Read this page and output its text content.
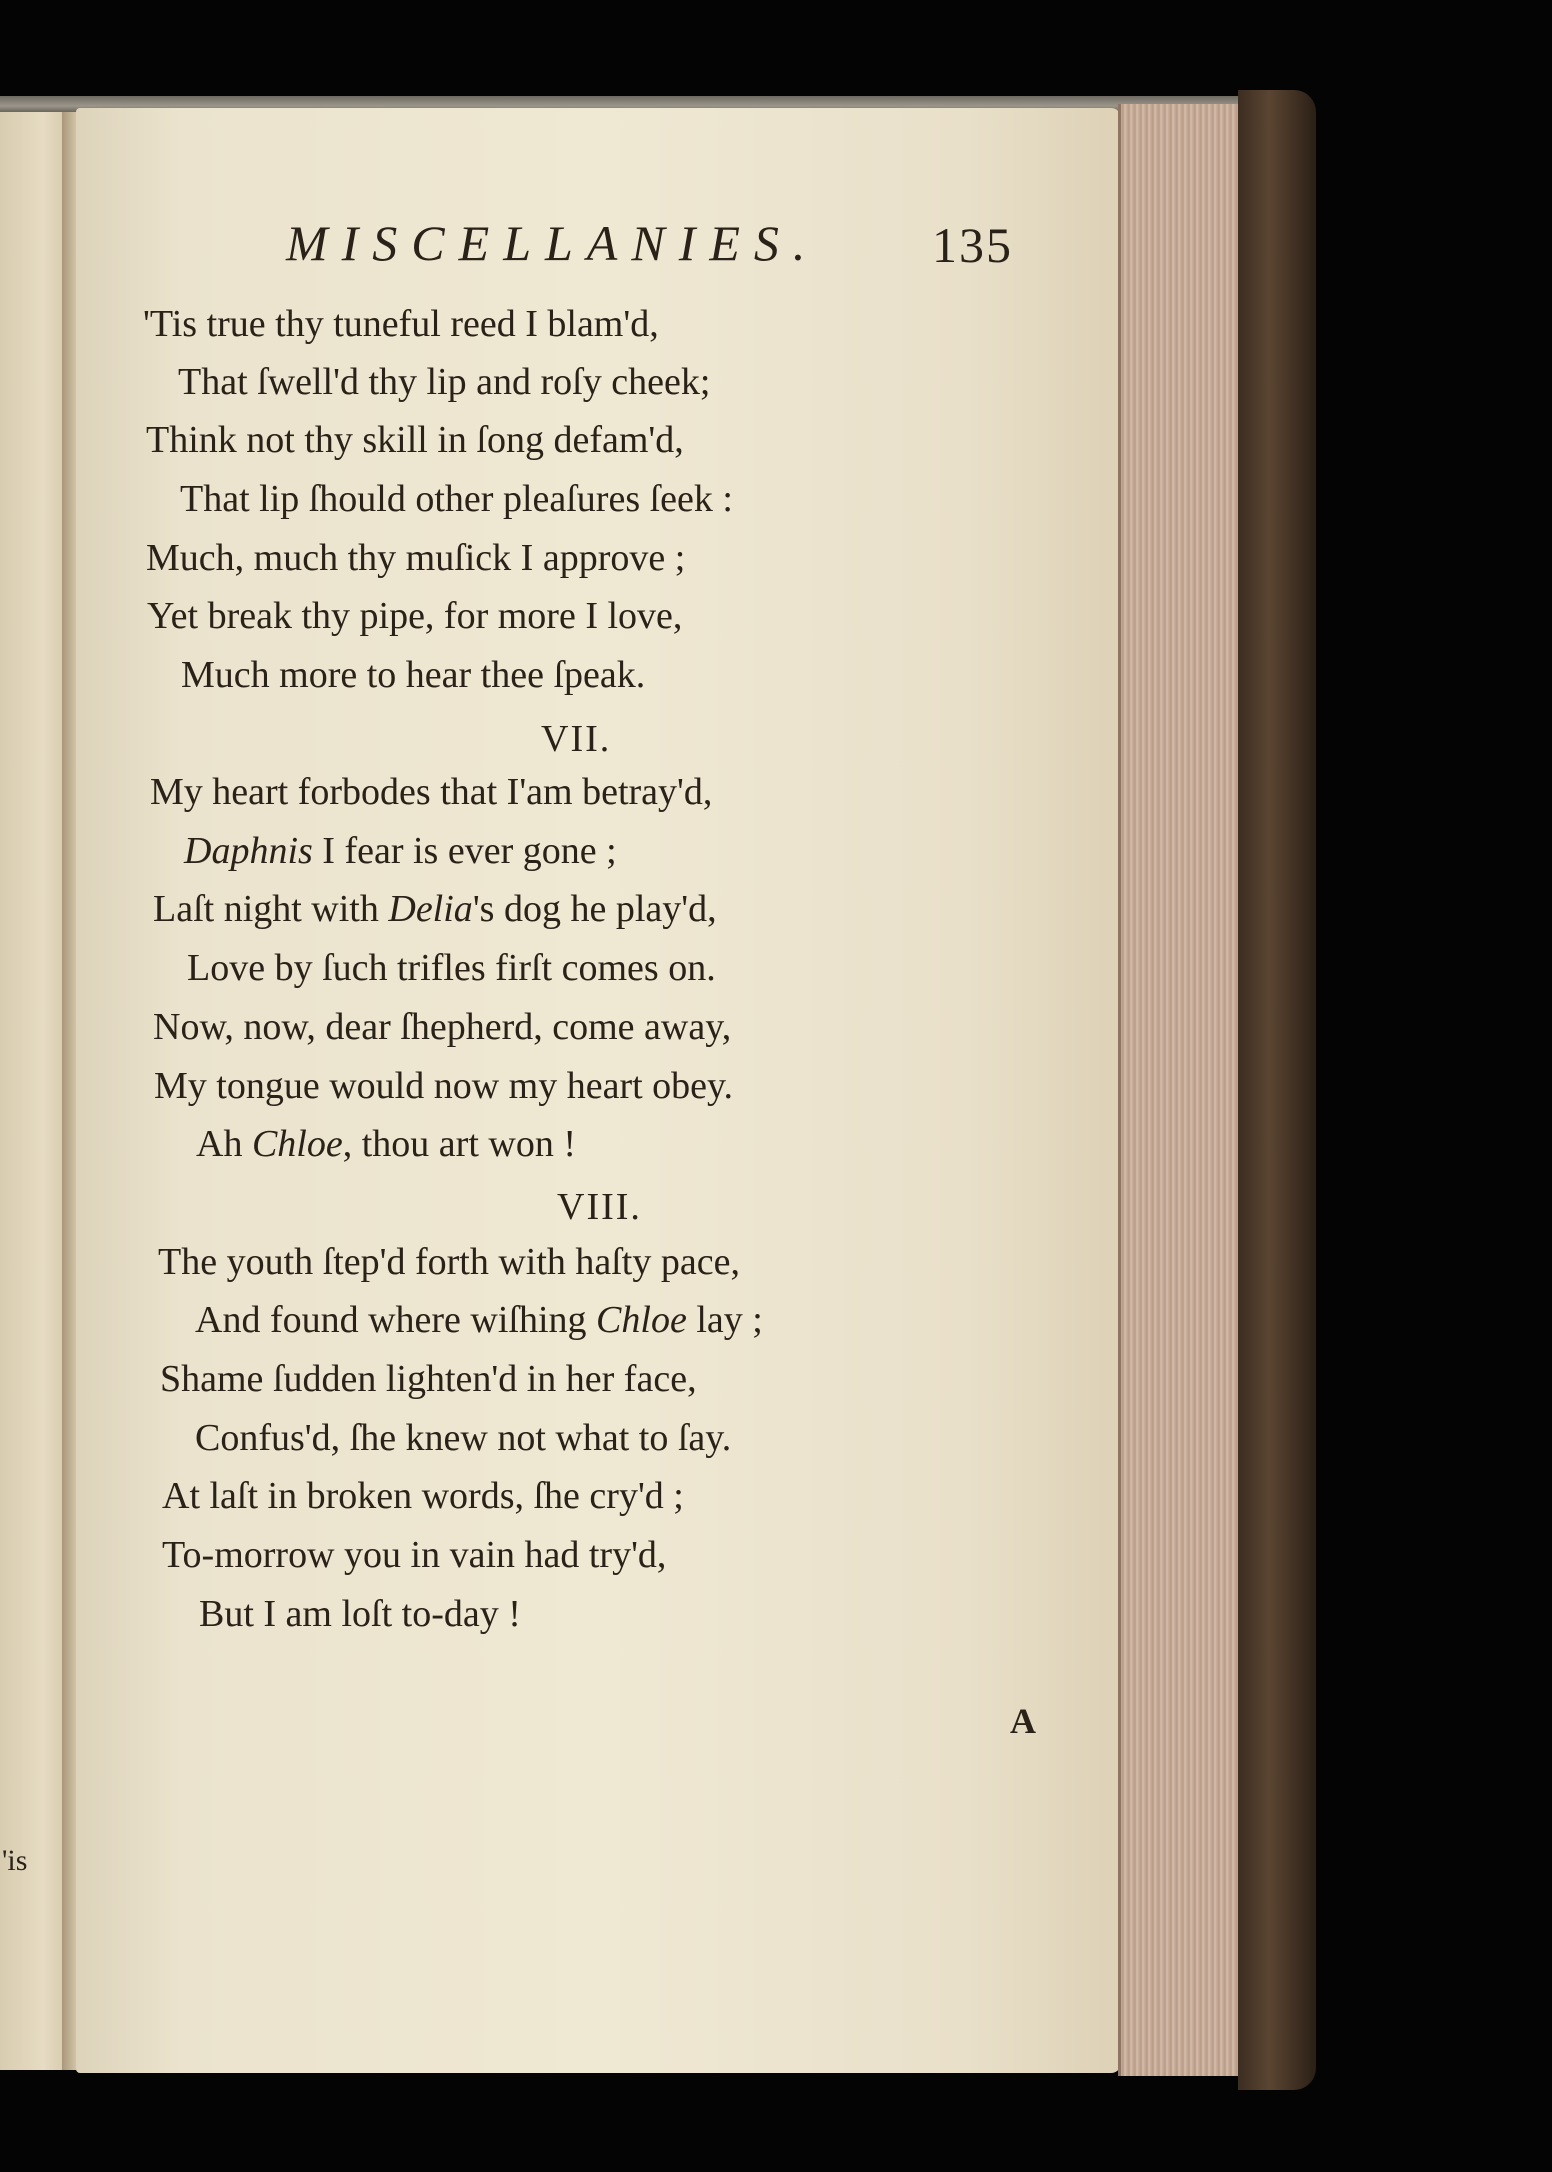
'is
MISCELLANIES. 135
'Tis true thy tuneful reed I blam'd,
That ſwell'd thy lip and roſy cheek;
Think not thy skill in ſong defam'd,
That lip ſhould other pleaſures ſeek :
Much, much thy muſick I approve ;
Yet break thy pipe, for more I love,
Much more to hear thee ſpeak.
VII.
My heart forbodes that I'am betray'd,
Daphnis I fear is ever gone ;
Laſt night with Delia's dog he play'd,
Love by ſuch trifles firſt comes on.
Now, now, dear ſhepherd, come away,
My tongue would now my heart obey.
Ah Chloe, thou art won !
VIII.
The youth ſtep'd forth with haſty pace,
And found where wiſhing Chloe lay ;
Shame ſudden lighten'd in her face,
Confus'd, ſhe knew not what to ſay.
At laſt in broken words, ſhe cry'd ;
To-morrow you in vain had try'd,
But I am loſt to-day !
A
